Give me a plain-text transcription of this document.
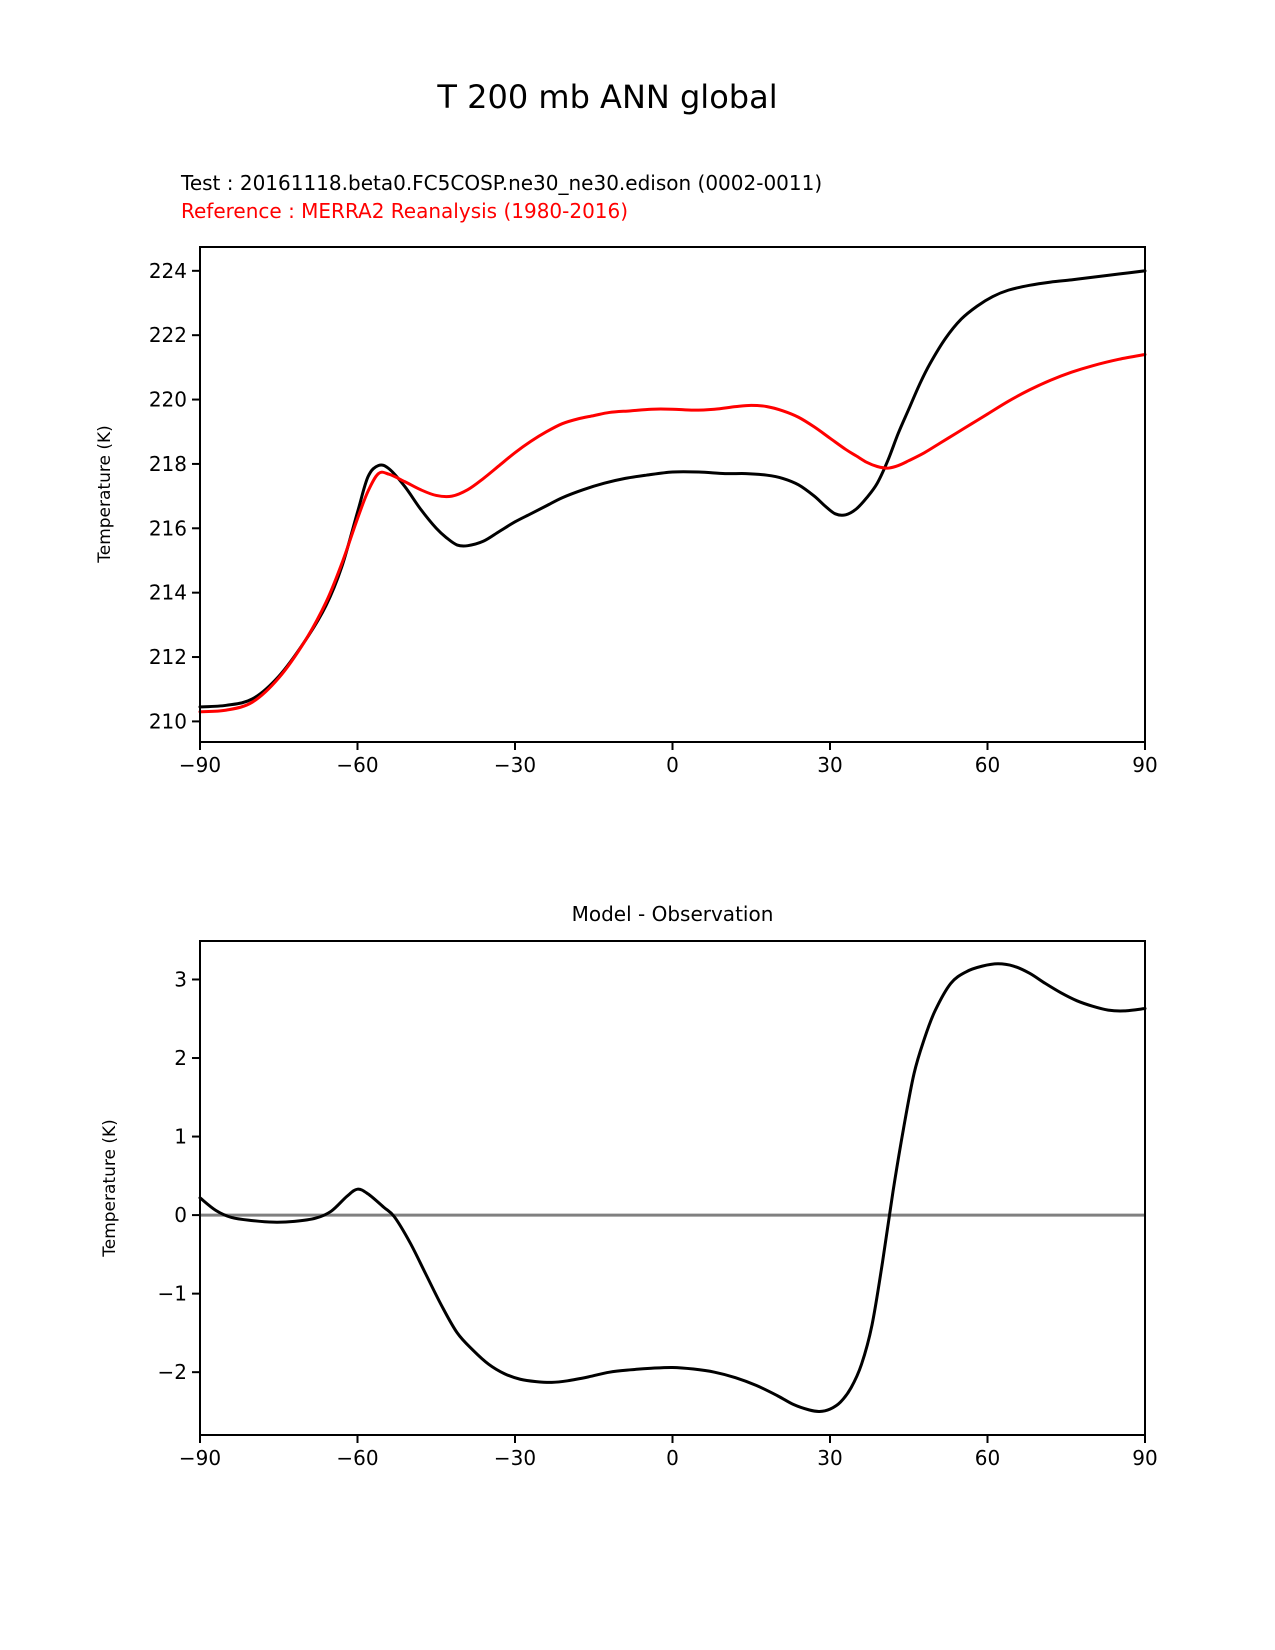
T 200 mb ANN global
Test : 20161118.beta0.FC5COSP.ne30_ne30.edison (0002-0011)
Reference : MERRA2 Reanalysis (1980-2016)
Temperature (K)
Model - Observation
Temperature (K)
−90	−60	−30	0	30	60	90
210
212
214
216
218
220
222
224
−90	−60	−30	0	30	60	90
−2
−1
0
1
2
3
